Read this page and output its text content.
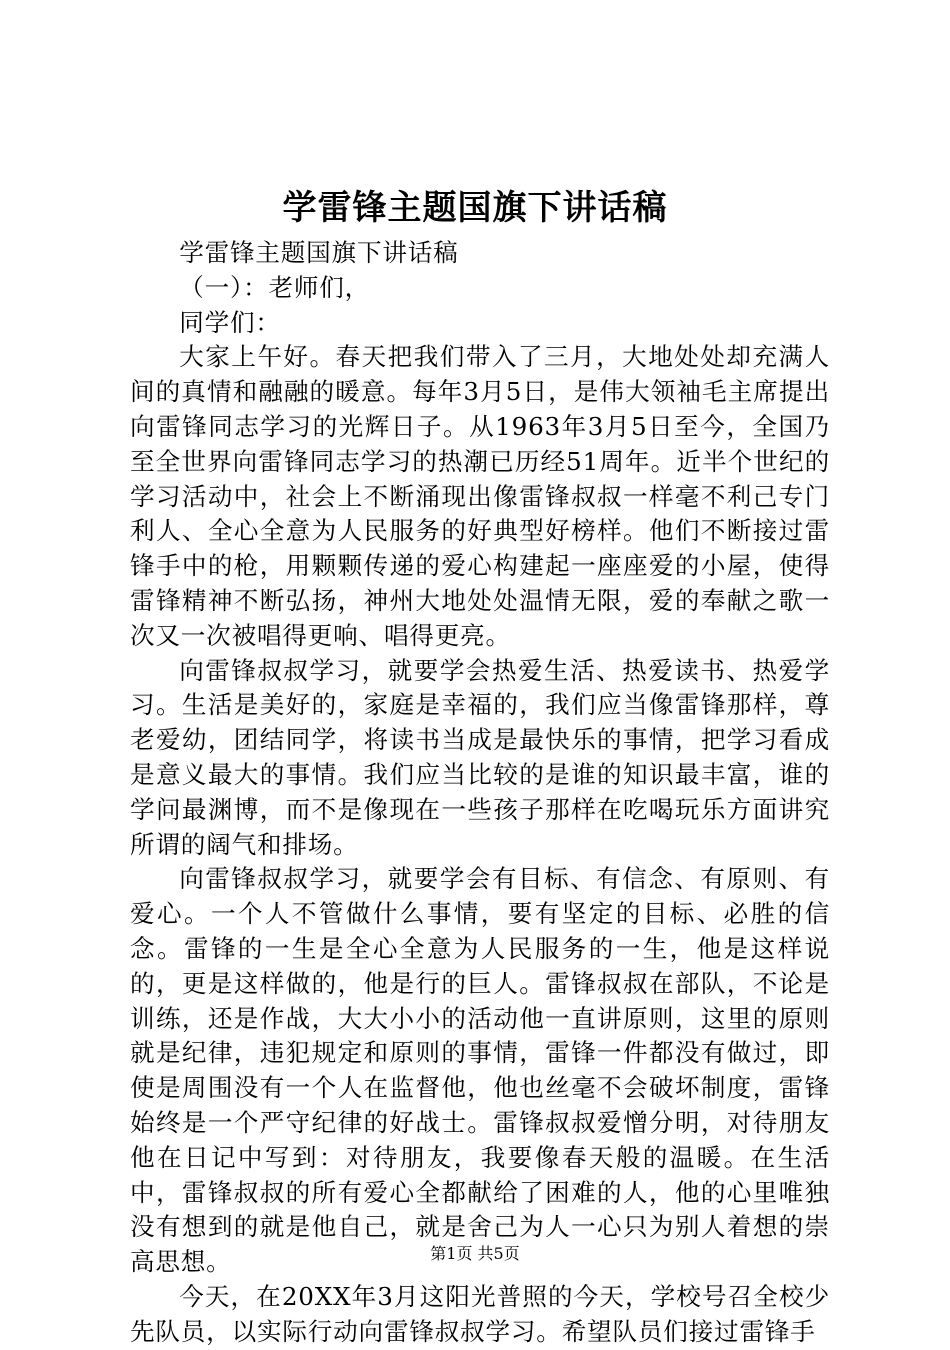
学雷锋主题国旗下讲话稿

学雷锋主题国旗下讲话稿

（一）：老师们，

同学们：

大家上午好。春天把我们带入了三月，大地处处却充满人间的真情和融融的暖意。每年3月5日，是伟大领袖毛主席提出向雷锋同志学习的光辉日子。从1963年3月5日至今，全国乃至全世界向雷锋同志学习的热潮已历经51周年。近半个世纪的学习活动中，社会上不断涌现出像雷锋叔叔一样毫不利己专门利人、全心全意为人民服务的好典型好榜样。他们不断接过雷锋手中的枪，用颗颗传递的爱心构建起一座座爱的小屋，使得雷锋精神不断弘扬，神州大地处处温情无限，爱的奉献之歌一次又一次被唱得更响、唱得更亮。

向雷锋叔叔学习，就要学会热爱生活、热爱读书、热爱学习。生活是美好的，家庭是幸福的，我们应当像雷锋那样，尊老爱幼，团结同学，将读书当成是最快乐的事情，把学习看成是意义最大的事情。我们应当比较的是谁的知识最丰富，谁的学问最渊博，而不是像现在一些孩子那样在吃喝玩乐方面讲究所谓的阔气和排场。

向雷锋叔叔学习，就要学会有目标、有信念、有原则、有爱心。一个人不管做什么事情，要有坚定的目标、必胜的信念。雷锋的一生是全心全意为人民服务的一生，他是这样说的，更是这样做的，他是行的巨人。雷锋叔叔在部队，不论是训练，还是作战，大大小小的活动他一直讲原则，这里的原则就是纪律，违犯规定和原则的事情，雷锋一件都没有做过，即使是周围没有一个人在监督他，他也丝毫不会破坏制度，雷锋始终是一个严守纪律的好战士。雷锋叔叔爱憎分明，对待朋友他在日记中写到：对待朋友，我要像春天般的温暖。在生活中，雷锋叔叔的所有爱心全都献给了困难的人，他的心里唯独没有想到的就是他自己，就是舍己为人一心只为别人着想的崇高思想。

今天，在20XX年3月这阳光普照的今天，学校号召全校少先队员，以实际行动向雷锋叔叔学习。希望队员们接过雷锋手

第1页 共5页
